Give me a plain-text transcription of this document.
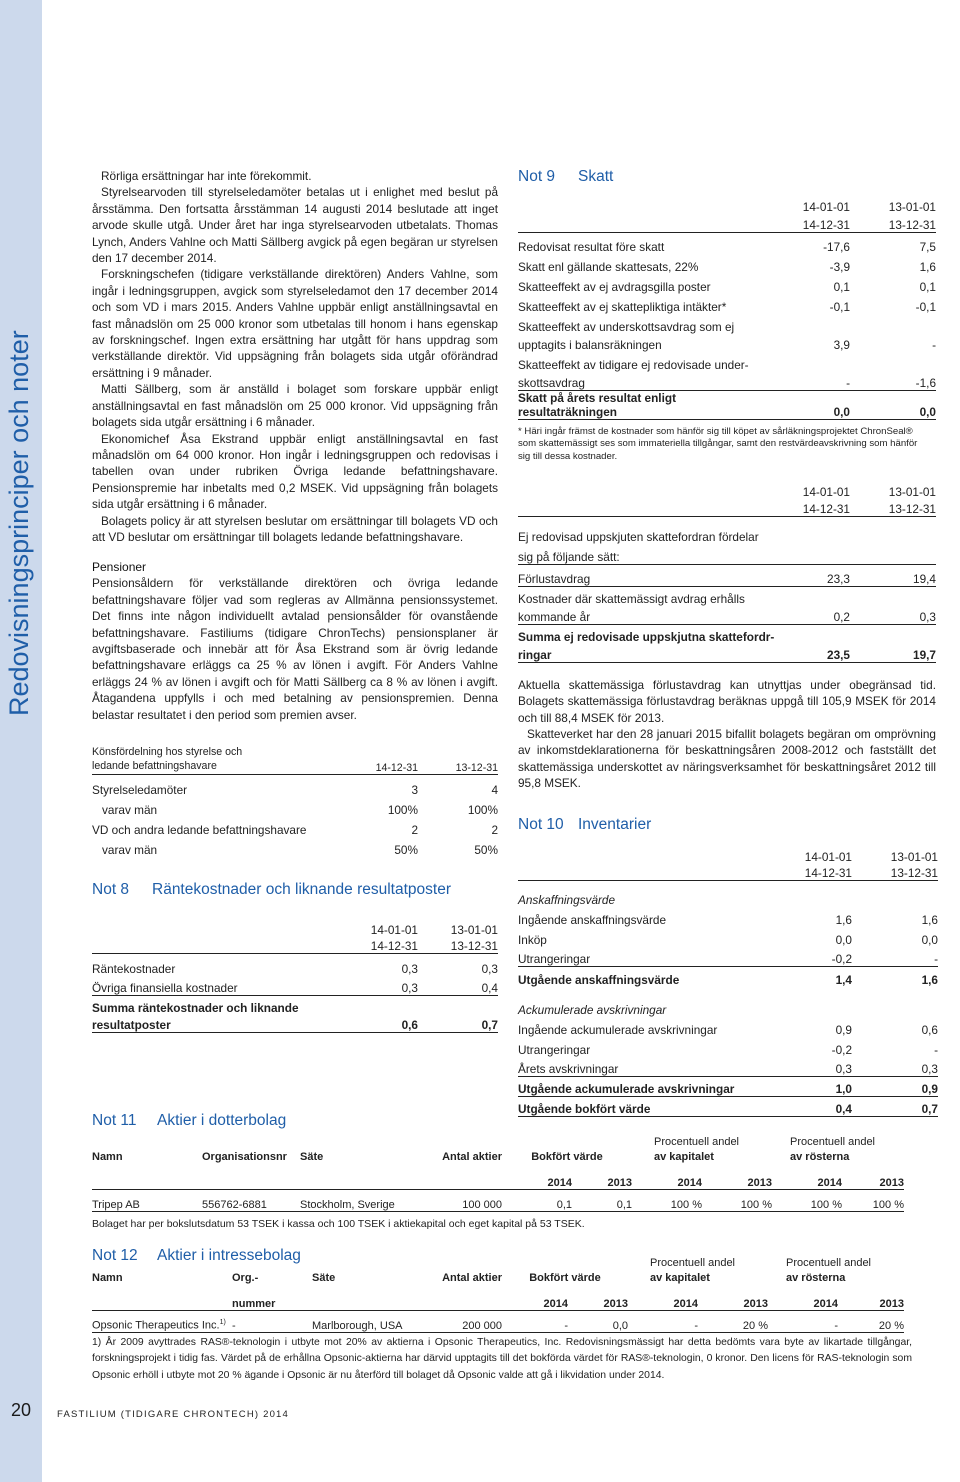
Redovisningsprinciper och noter
20	FASTILIUM (TIDIGARE CHRONTECH) 2014

Rörliga ersättningar har inte förekommit.

Styrelsearvoden till styrelseledamöter betalas ut i enlighet med beslut på årsstämma. Den fortsatta årsstämman 14 augusti 2014 beslutade att inget arvode skulle utgå. Under året har inga styrelsearvoden utbetalats. Thomas Lynch, Anders Vahlne och Matti Sällberg avgick på egen begäran ur styrelsen den 17 december 2014.

Forskningschefen (tidigare verkställande direktören) Anders Vahlne, som ingår i ledningsgruppen, avgick som styrelseledamot den 17 december 2014 och som VD i mars 2015. Anders Vahlne uppbär enligt anställningsavtal en fast månadslön om 25 000 kronor som utbetalas till honom i hans egenskap av forskningschef. Ingen extra ersättning har utgått för hans uppdrag som verkställande direktör. Vid uppsägning från bolagets sida utgår oförändrad ersättning i 9 månader.

Matti Sällberg, som är anställd i bolaget som forskare uppbär enligt anställningsavtal en fast månadslön om 25 000 kronor. Vid uppsägning från bolagets sida utgår ersättning i 6 månader.

Ekonomichef Åsa Ekstrand uppbär enligt anställningsavtal en fast månadslön om 64 000 kronor. Hon ingår i ledningsgruppen och redovisas i tabellen ovan under rubriken Övriga ledande befattningshavare. Pensionspremie har inbetalts med 0,2 MSEK. Vid uppsägning från bolagets sida utgår ersättning i 6 månader.

Bolagets policy är att styrelsen beslutar om ersättningar till bolagets VD och att VD beslutar om ersättningar till bolagets ledande befattningshavare.

Pensioner

Pensionsåldern för verkställande direktören och övriga ledande befattningshavare följer vad som regleras av Allmänna pensionssystemet. Det finns inte någon individuellt avtalad pensionsålder för ovanstående befattningshavare. Fastiliums (tidigare ChronTechs) pensionsplaner är avgiftsbaserade och innebär att för Åsa Ekstrand som är övrig ledande befattningshavare erläggs ca 25 % av lönen i avgift. För Anders Vahlne erläggs 24 % av lönen i avgift och för Matti Sällberg ca 8 % av lönen i avgift. Åtagandena uppfylls i och med betalning av pensionspremien. Denna belastar resultatet i den period som premien avser.

Könsfördelning hos styrelse och		
ledande befattningshavare	14-12-31	13-12-31
Styrelseledamöter	3	4
varav män	100%	100%
VD och andra ledande befattningshavare	2	2
varav män	50%	50%
Not 8	Räntekostnader och liknande resultatposter
	14-01-01	13-01-01
	14-12-31	13-12-31
Räntekostnader	0,3	0,3
Övriga finansiella kostnader	0,3	0,4
Summa räntekostnader och liknande		
resultatposter	0,6	0,7
Not 9	Skatt
	14-01-01	13-01-01
	14-12-31	13-12-31
Redovisat resultat före skatt	-17,6	7,5
Skatt enl gällande skattesats, 22%	-3,9	1,6
Skatteeffekt av ej avdragsgilla poster	0,1	0,1
Skatteeffekt av ej skattepliktiga intäkter*	-0,1	-0,1
Skatteeffekt av underskottsavdrag som ej		
upptagits i balansräkningen	3,9	-
Skatteeffekt av tidigare ej redovisade under-		
skottsavdrag	-	-1,6
Skatt på årets resultat enligt resultaträkningen	0,0	0,0

* Häri ingår främst de kostnader som hänför sig till köpet av sårläkningsprojektet ChronSeal® som skattemässigt ses som immateriella tillgångar, samt den restvärdeavskrivning som hänför sig till dessa kostnader.

	14-01-01	13-01-01
	14-12-31	13-12-31
Ej redovisad uppskjuten skattefordran fördelar		
sig på följande sätt:		
Förlustavdrag	23,3	19,4
Kostnader där skattemässigt avdrag erhålls		
kommande år	0,2	0,3
Summa ej redovisade uppskjutna skattefordr-		
ringar	23,5	19,7

Aktuella skattemässiga förlustavdrag kan utnyttjas under obegränsad tid. Bolagets skattemässiga förlustavdrag beräknas uppgå till 105,9 MSEK för 2014 och till 88,4 MSEK för 2013.

Skatteverket har den 28 januari 2015 bifallit bolagets begäran om omprövning av inkomstdeklarationerna för beskattningsåren 2008-2012 och fastställt det skattemässiga underskottet av näringsverksamhet för beskattningsåret 2012 till 95,8 MSEK.

Not 10 Inventarier
	14-01-01	13-01-01
	14-12-31	13-12-31
Anskaffningsvärde		
Ingående anskaffningsvärde	1,6	1,6
Inköp	0,0	0,0
Utrangeringar	-0,2	-
Utgående anskaffningsvärde	1,4	1,6
Ackumulerade avskrivningar		
Ingående ackumulerade avskrivningar	0,9	0,6
Utrangeringar	-0,2	-
Årets avskrivningar	0,3	0,3
Utgående ackumulerade avskrivningar	1,0	0,9
Utgående bokfört värde	0,4	0,7
Not 11	Aktier i dotterbolag
						Procentuell andel		Procentuell andel	
Namn	Organisationsnr	Säte	Antal aktier	Bokfört värde		av kapitalet		av rösterna	
				2014	2013	2014	2013	2014	2013
Tripep AB	556762-6881	Stockholm, Sverige	100 000	0,1	0,1	100 %	100 %	100 %	100 %

Bolaget har per bokslutsdatum 53 TSEK i kassa och 100 TSEK i aktiekapital och eget kapital på 53 TSEK.

Not 12	Aktier i intressebolag
						Procentuell andel		Procentuell andel	
Namn	Org.-	Säte	Antal aktier	Bokfört värde		av kapitalet		av rösterna	
	nummer			2014	2013	2014	2013	2014	2013
Opsonic Therapeutics Inc.$^{1)}$	-	Marlborough, USA	200 000	-	0,0	-	20 %	-	20 %

1) År 2009 avyttrades RAS®-teknologin i utbyte mot 20% av aktierna i Opsonic Therapeutics, Inc. Redovisningsmässigt har detta bedömts vara byte av likartade tillgångar, forskningsprojekt i tidig fas. Värdet på de erhållna Opsonic-aktierna har därvid upptagits till det bokförda värdet för RAS®-teknologin, 0 kronor. Den licens för RAS-teknologin som Opsonic erhöll i utbyte mot 20 % ägande i Opsonic är nu återförd till bolaget då Opsonic valde att gå i likvidation under 2014.
